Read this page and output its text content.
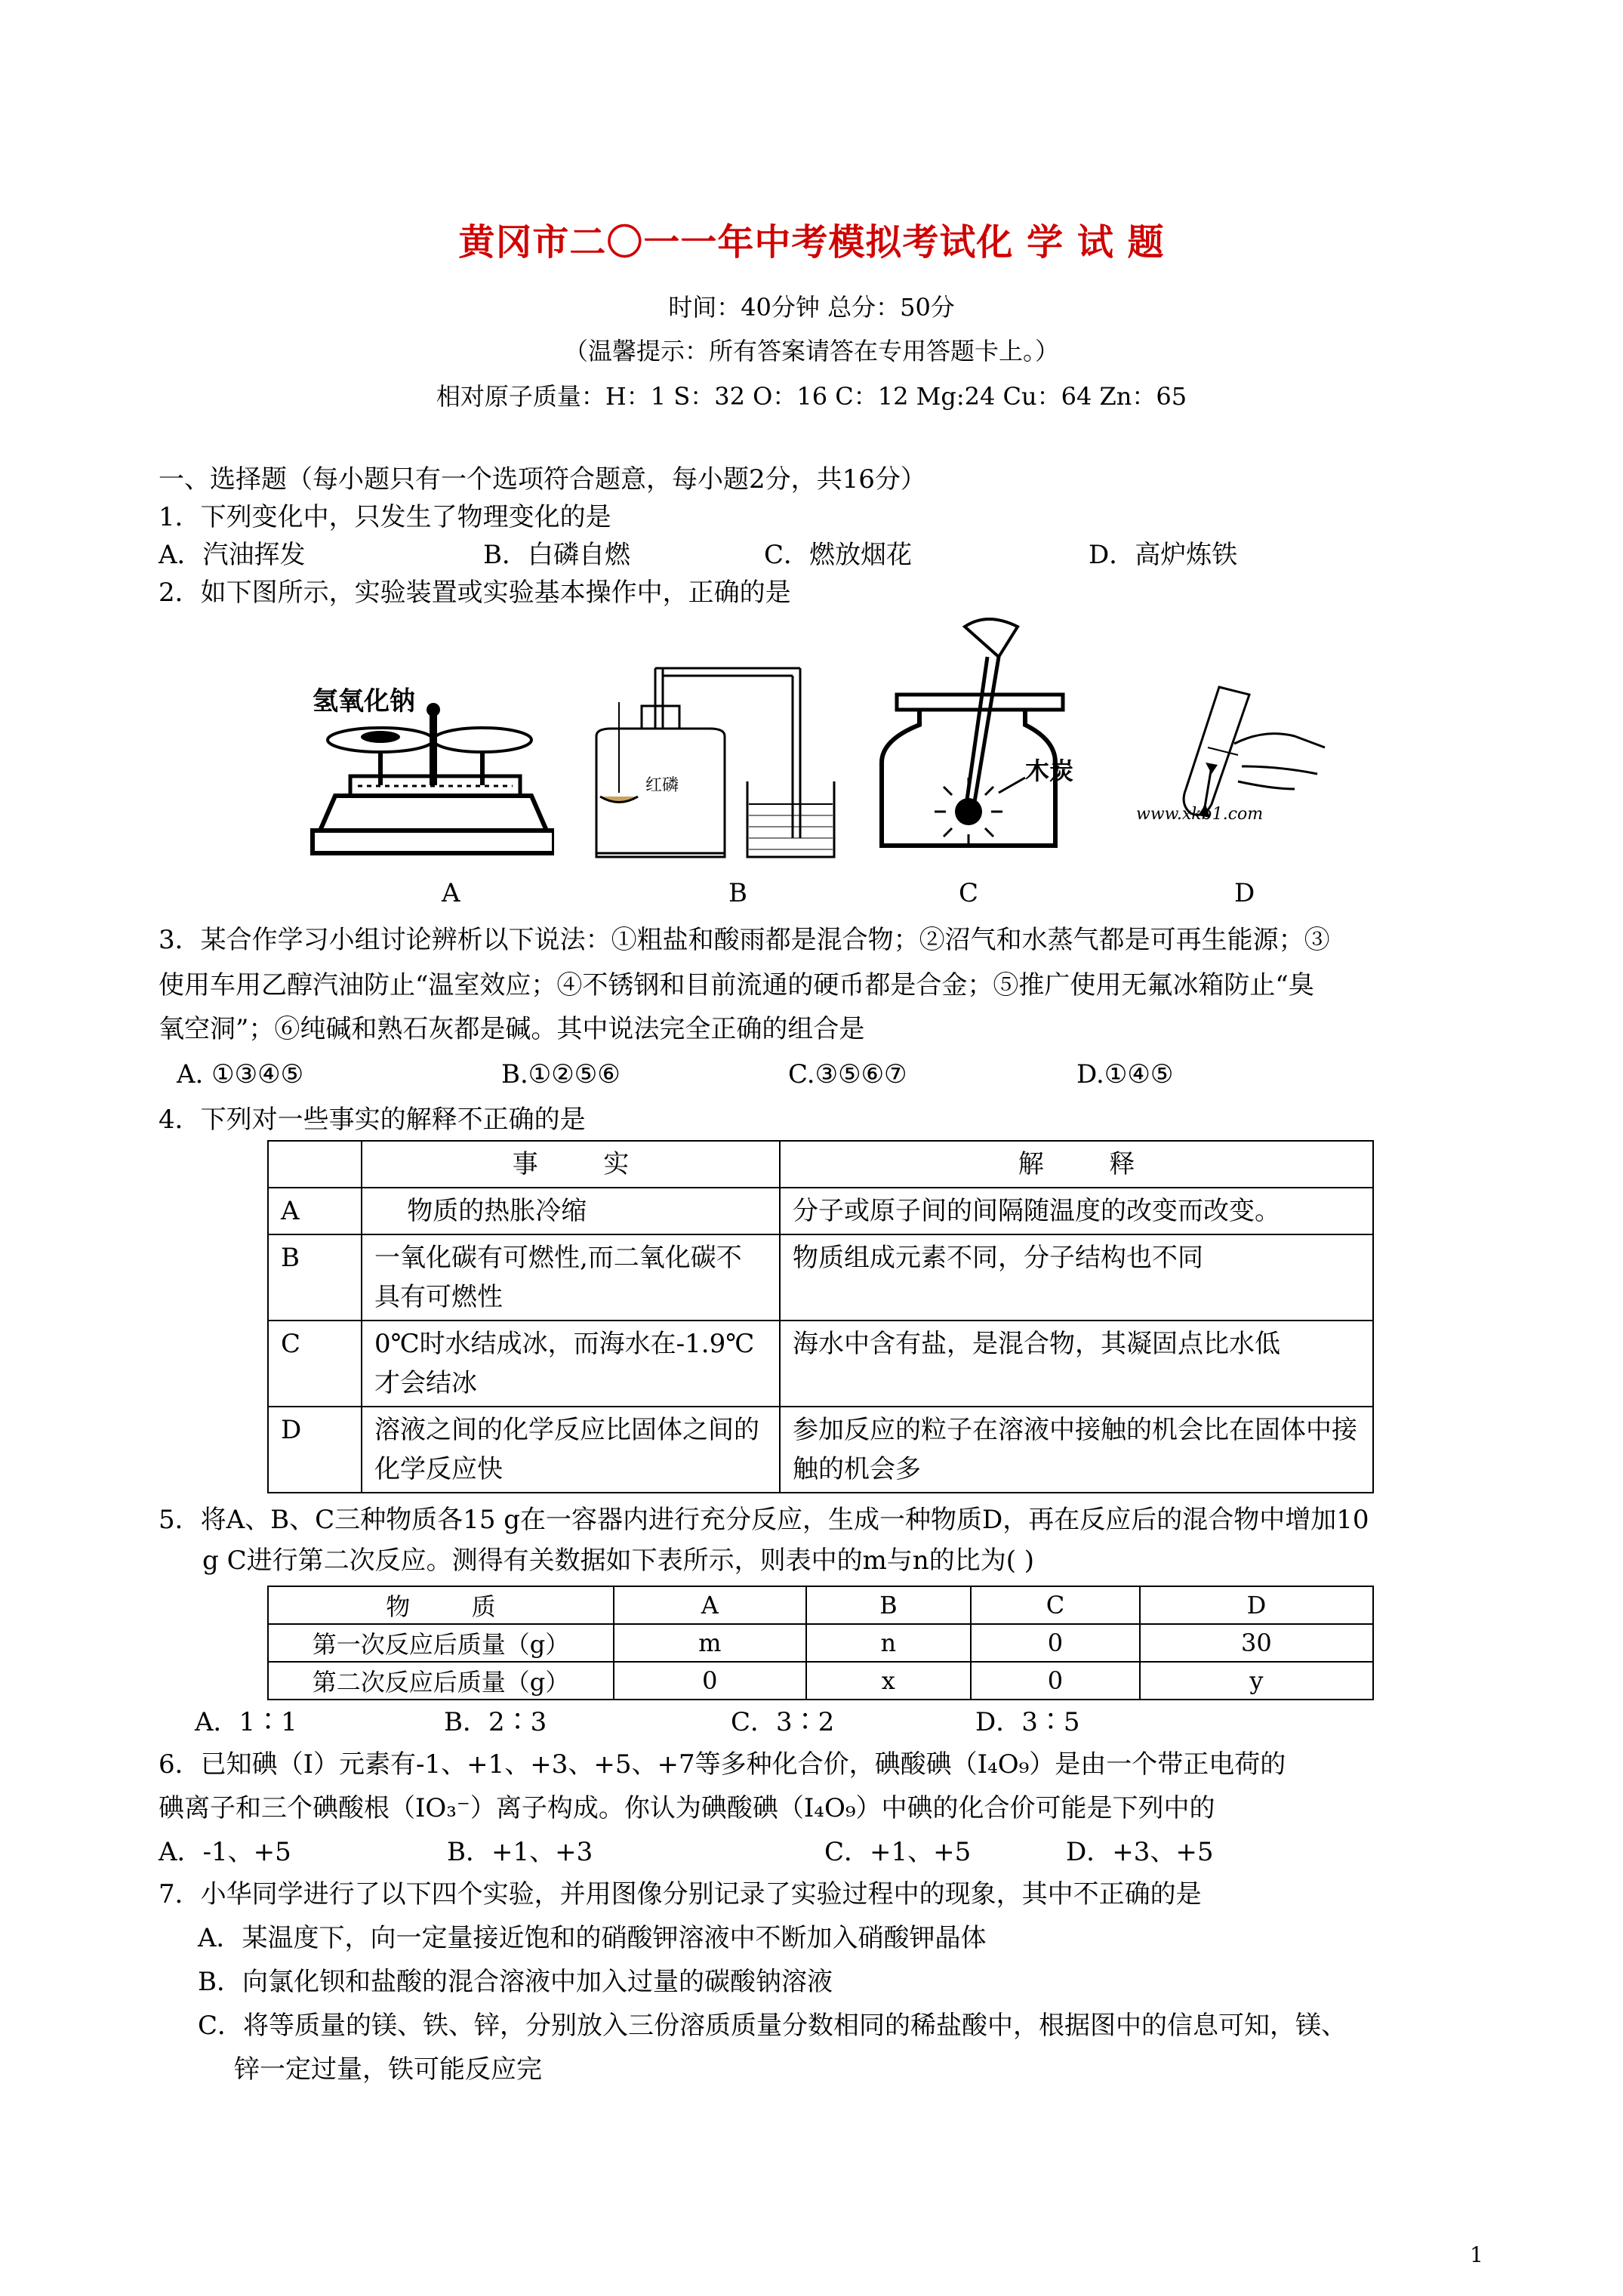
黄冈市二〇一一年中考模拟考试化 学 试 题
时间：40分钟 总分：50分
（温馨提示：所有答案请答在专用答题卡上。）
相对原子质量：H：1 S：32 O：16 C：12 Mg:24 Cu：64 Zn：65
一、选择题（每小题只有一个选项符合题意，每小题2分，共16分）
1．下列变化中，只发生了物理变化的是
A．汽油挥发	B．白磷自燃	C．燃放烟花	D．高炉炼铁
2．如下图所示，实验装置或实验基本操作中，正确的是
氢氧化钠
红磷
木炭
www.xkb1.com
A	B	C	D
3．某合作学习小组讨论辨析以下说法：①粗盐和酸雨都是混合物；②沼气和水蒸气都是可再生能源；③
使用车用乙醇汽油防止“温室效应；④不锈钢和目前流通的硬币都是合金；⑤推广使用无氟冰箱防止“臭
氧空洞”；⑥纯碱和熟石灰都是碱。其中说法完全正确的组合是
A. ①③④⑤	B.①②⑤⑥	C.③⑤⑥⑦	D.①④⑤
4．下列对一些事实的解释不正确的是
	事        实	解        释
A	物质的热胀冷缩	分子或原子间的间隔随温度的改变而改变。
B	一氧化碳有可燃性,而二氧化碳不具有可燃性	物质组成元素不同，分子结构也不同
C	0℃时水结成冰，而海水在-1.9℃才会结冰	海水中含有盐，是混合物，其凝固点比水低
D	溶液之间的化学反应比固体之间的化学反应快	参加反应的粒子在溶液中接触的机会比在固体中接触的机会多
5．将A、B、C三种物质各15 g在一容器内进行充分反应，生成一种物质D，再在反应后的混合物中增加10
g C进行第二次反应。测得有关数据如下表所示，则表中的m与n的比为( )
物        质	A	B	C	D
第一次反应后质量（g）	m	n	0	30
第二次反应后质量（g）	0	x	0	y
A．1∶1	B．2∶3	C．3∶2	D．3∶5
6．已知碘（I）元素有-1、+1、+3、+5、+7等多种化合价，碘酸碘（I₄O₉）是由一个带正电荷的
碘离子和三个碘酸根（IO₃⁻）离子构成。你认为碘酸碘（I₄O₉）中碘的化合价可能是下列中的
A．-1、+5	B．+1、+3	C．+1、+5	D．+3、+5
7．小华同学进行了以下四个实验，并用图像分别记录了实验过程中的现象，其中不正确的是
A．某温度下，向一定量接近饱和的硝酸钾溶液中不断加入硝酸钾晶体
B．向氯化钡和盐酸的混合溶液中加入过量的碳酸钠溶液
C．将等质量的镁、铁、锌，分别放入三份溶质质量分数相同的稀盐酸中，根据图中的信息可知，镁、
锌一定过量，铁可能反应完
1
